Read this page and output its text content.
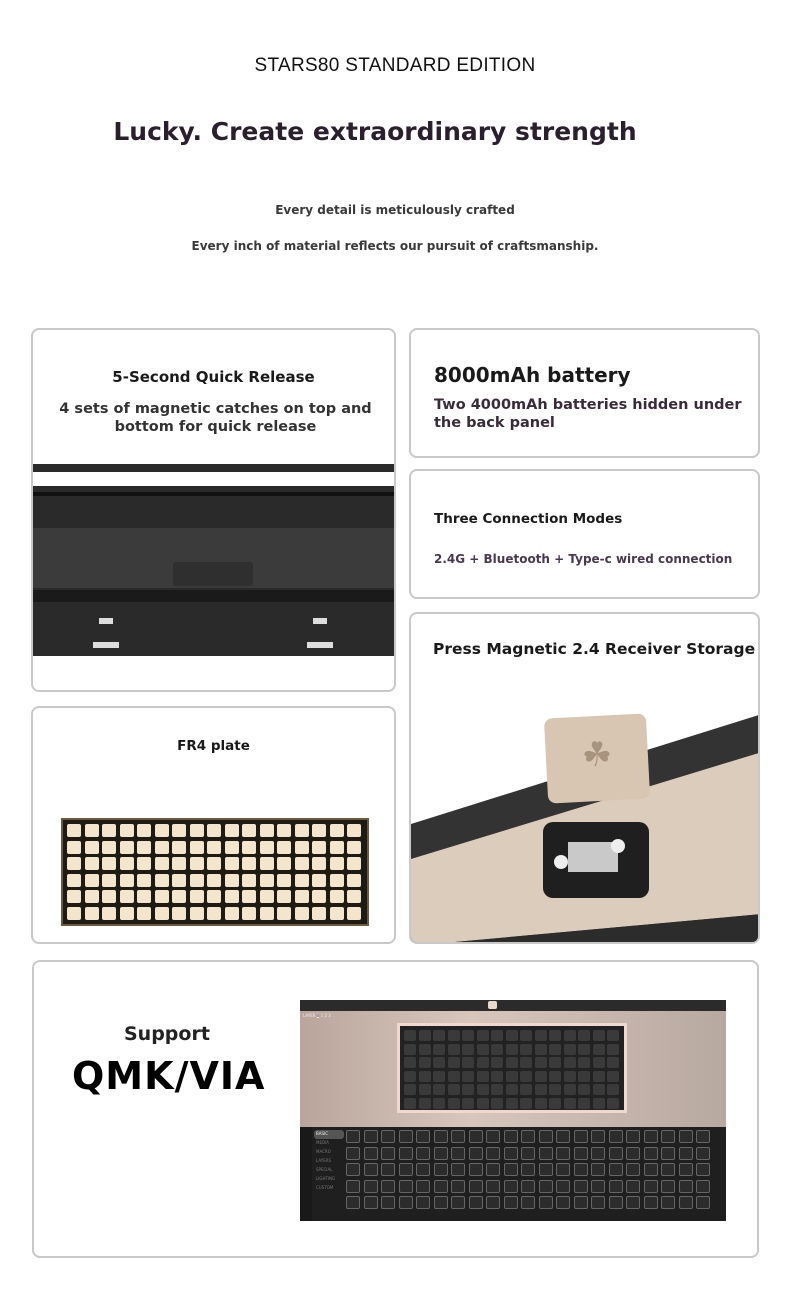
STARS80 STANDARD EDITION
Lucky. Create extraordinary strength
Every detail is meticulously crafted
Every inch of material reflects our pursuit of craftsmanship.
5-Second Quick Release
4 sets of magnetic catches on top and bottom for quick release
8000mAh battery
Two 4000mAh batteries hidden under the back panel
Three Connection Modes
2.4G + Bluetooth + Type-c wired connection
Press Magnetic 2.4 Receiver Storage
☘
FR4 plate
Support
QMK/VIA
LAYER 0 1 2 3
BASIC
MEDIA
MACRO
LAYERS
SPECIAL
LIGHTING
CUSTOM
